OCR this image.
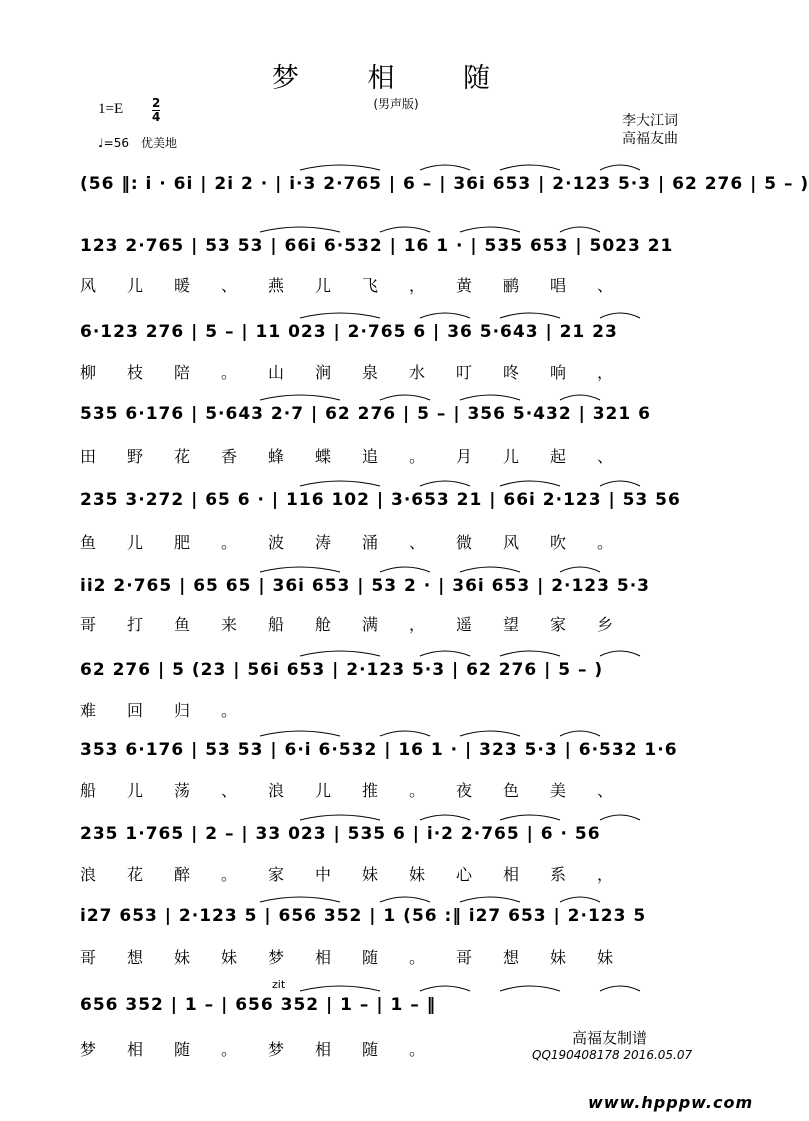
梦 相 随
(男声版)
1=E 2
4
♩=56　优美地
李大江词
高福友曲
(56 ‖: i · 6i | 2i 2 · | i·3 2·765 | 6 – | 36i 653 | 2·123 5·3 | 62 276 | 5 – )
123 2·765 | 53 53 | 66i 6·532 | 16 1 · | 535 653 | 5023 21
风儿暖、燕儿飞，黄鹂唱、
6·123 276 | 5 – | 11 023 | 2·765 6 | 36 5·643 | 21 23
柳枝陪。山涧泉水叮咚响，
535 6·176 | 5·643 2·7 | 62 276 | 5 – | 356 5·432 | 321 6
田野花香蜂蝶追。月儿起、
235 3·272 | 65 6 · | 116 102 | 3·653 21 | 66i 2·123 | 53 56
鱼儿肥。波涛涌、微风吹。
ii2 2·765 | 65 65 | 36i 653 | 53 2 · | 36i 653 | 2·123 5·3
哥打鱼来船舱满，遥望家乡
62 276 | 5 (23 | 56i 653 | 2·123 5·3 | 62 276 | 5 – )
难回归。
353 6·176 | 53 53 | 6·i 6·532 | 16 1 · | 323 5·3 | 6·532 1·6
船儿荡、浪儿推。夜色美、
235 1·765 | 2 – | 33 023 | 535 6 | i·2 2·765 | 6 · 56
浪花醉。家中妹妹心相系，
i27 653 | 2·123 5 | 656 352 | 1 (56 :‖ i27 653 | 2·123 5
哥想妹妹梦相随。哥想妹妹
zit
656 352 | 1 – | 656 352 | 1 – | 1 – ‖
梦相随。梦相随。
高福友制谱
QQ190408178 2016.05.07
www.hpppw.com
